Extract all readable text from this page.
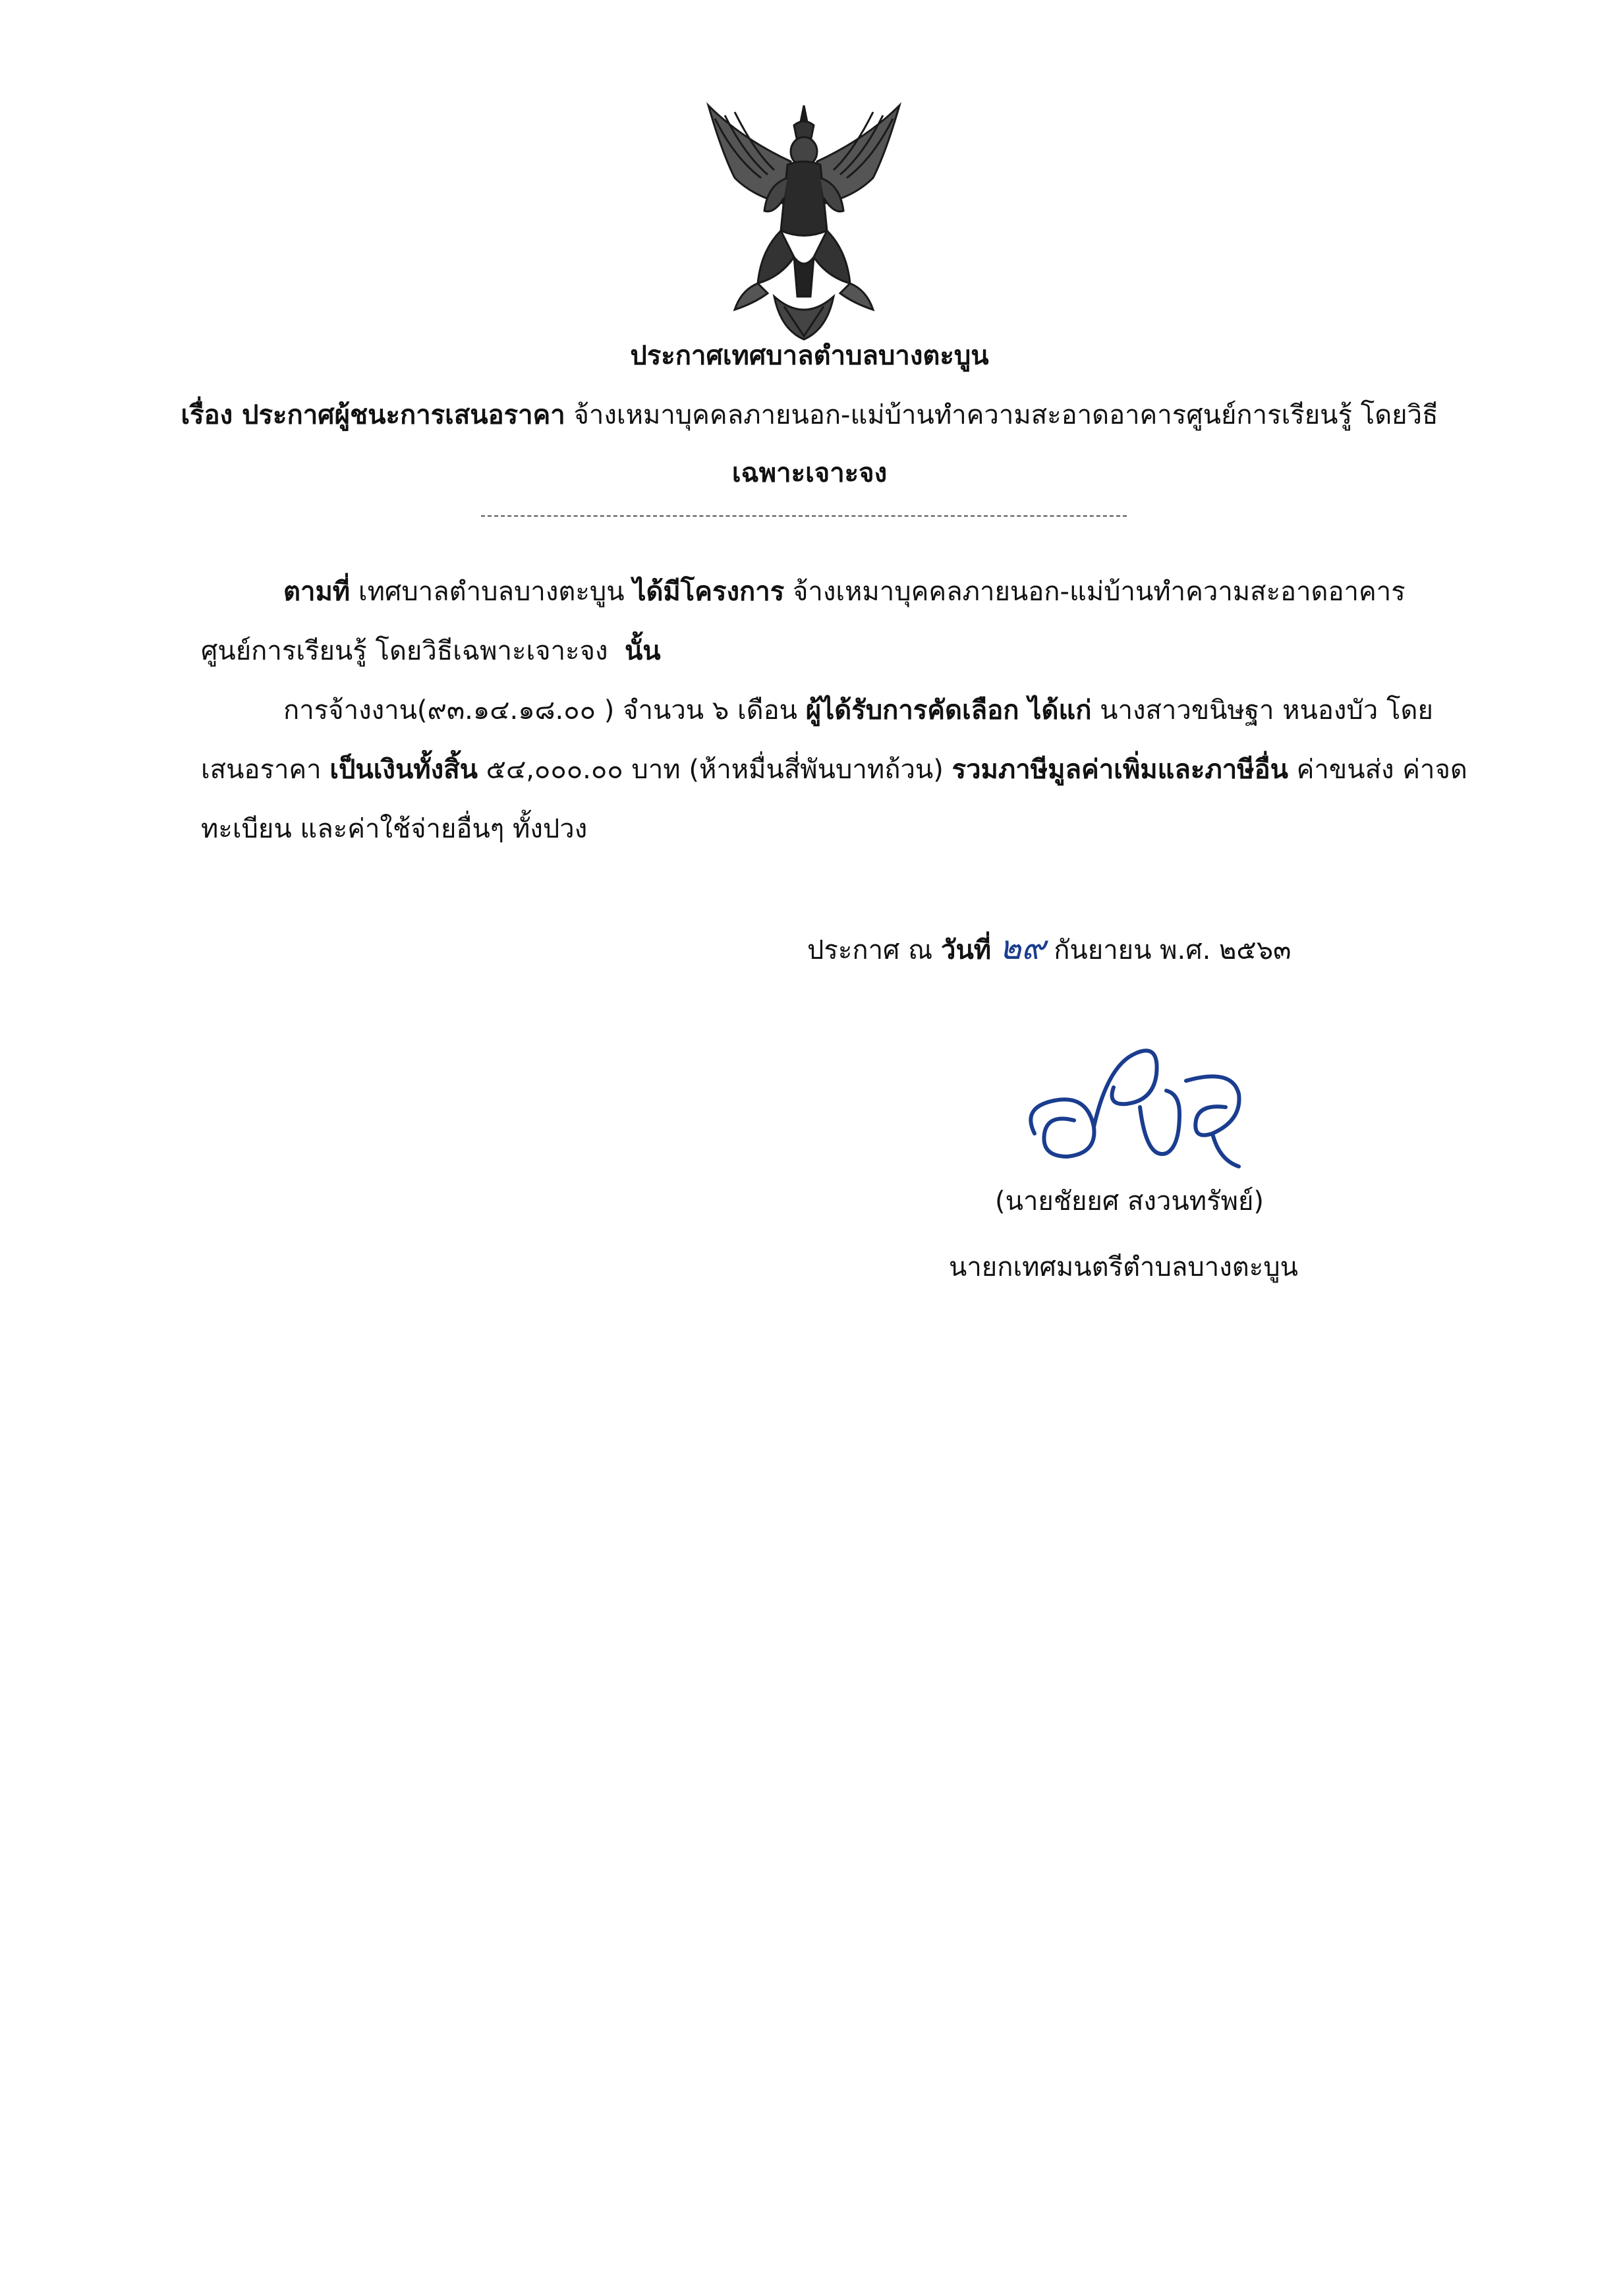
ประกาศเทศบาลตำบลบางตะบูน
เรื่อง ประกาศผู้ชนะการเสนอราคา จ้างเหมาบุคคลภายนอก-แม่บ้านทำความสะอาดอาคารศูนย์การเรียนรู้ โดยวิธี
เฉพาะเจาะจง
ตามที่ เทศบาลตำบลบางตะบูน ได้มีโครงการ จ้างเหมาบุคคลภายนอก-แม่บ้านทำความสะอาดอาคาร
ศูนย์การเรียนรู้ โดยวิธีเฉพาะเจาะจง นั้น
การจ้างงาน(๙๓.๑๔.๑๘.๐๐ ) จำนวน ๖ เดือน ผู้ได้รับการคัดเลือก ได้แก่ นางสาวขนิษฐา หนองบัว โดย
เสนอราคา เป็นเงินทั้งสิ้น ๕๔,๐๐๐.๐๐ บาท (ห้าหมื่นสี่พันบาทถ้วน) รวมภาษีมูลค่าเพิ่มและภาษีอื่น ค่าขนส่ง ค่าจด
ทะเบียน และค่าใช้จ่ายอื่นๆ ทั้งปวง
ประกาศ ณ วันที่ ๒๙ กันยายน พ.ศ. ๒๕๖๓
(นายชัยยศ สงวนทรัพย์)
นายกเทศมนตรีตำบลบางตะบูน
